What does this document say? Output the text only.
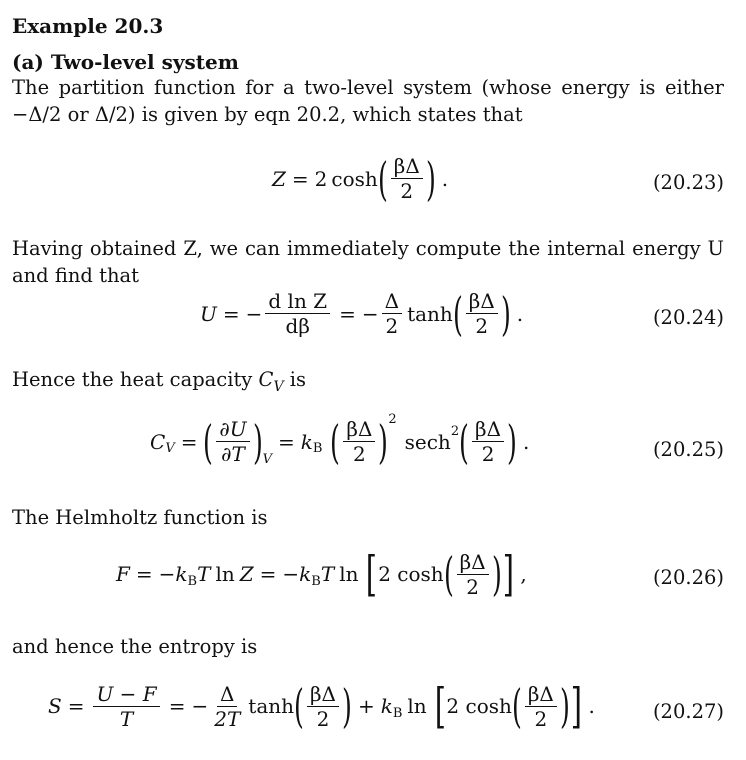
Example 20.3
(a) Two-level system
The partition function for a two-level system (whose energy is either
−Δ/2 or Δ/2) is given by eqn 20.2, which states that
Z = 2 cosh ( $\frac{\beta\Delta}{2}$ ) .	(20.23)
Having obtained Z, we can immediately compute the internal energy U
and find that
U = − $\frac{\text{d ln Z}}{d\beta}$ = − $\frac{\Delta}{2}$ tanh ( $\frac{\beta\Delta}{2}$ ) .	(20.24)
Hence the heat capacity $C_V$ is
C V = ( $\frac{\partial U}{\partial T}$ ) V
= k B ( $\frac{\beta\Delta}{2}$ ) 2
sech 2 ( $\frac{\beta\Delta}{2}$ ) .	(20.25)
The Helmholtz function is
F = − k B T ln Z = − k B T ln [ 2 cosh ( $\frac{\beta\Delta}{2}$ ) ] ,	(20.26)
and hence the entropy is
$S = \frac{U - F}{T}$ = − $\frac{\Delta}{2T}$ tanh ( $\frac{\beta\Delta}{2}$ ) + k B ln [ 2 cosh ( $\frac{\beta\Delta}{2}$ ) ] .	(20.27)
